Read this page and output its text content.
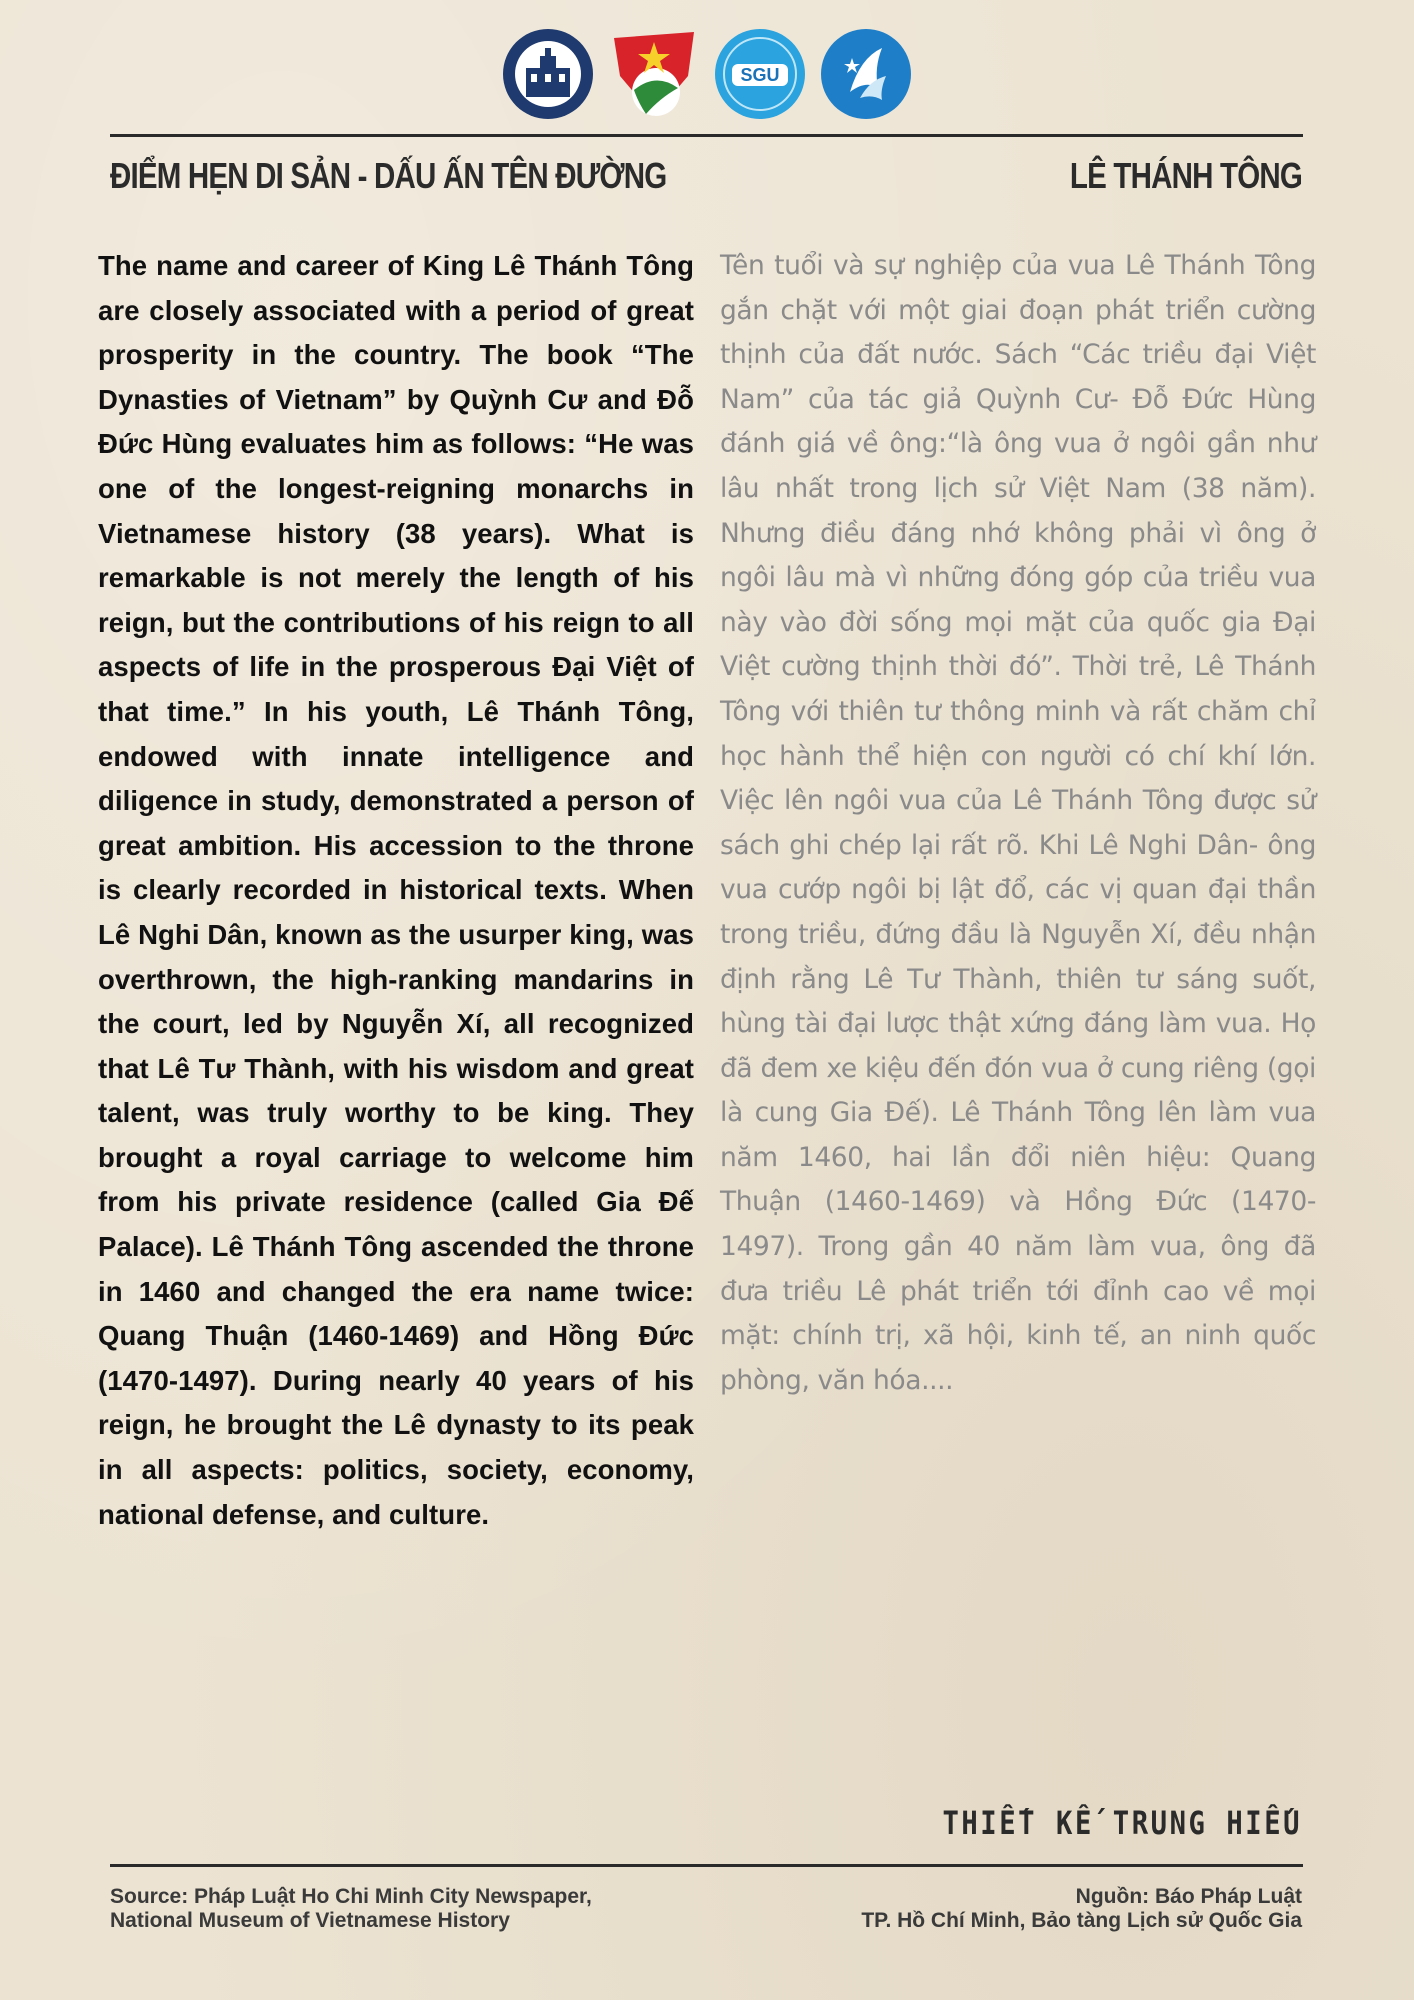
SGU
ĐIỂM HẸN DI SẢN - DẤU ẤN TÊN ĐƯỜNG	LÊ THÁNH TÔNG

The name and career of King Lê Thánh Tông are closely associated with a period of great prosperity in the country. The book “The Dynasties of Vietnam” by Quỳnh Cư and Đỗ Đức Hùng evaluates him as follows: “He was one of the longest-reigning monarchs in Vietnamese history (38 years). What is remarkable is not merely the length of his reign, but the contributions of his reign to all aspects of life in the prosperous Đại Việt of that time.” In his youth, Lê Thánh Tông, endowed with innate intelligence and diligence in study, demonstrated a person of great ambition. His accession to the throne is clearly recorded in historical texts. When Lê Nghi Dân, known as the usurper king, was overthrown, the high-ranking mandarins in the court, led by Nguyễn Xí, all recognized that Lê Tư Thành, with his wisdom and great talent, was truly worthy to be king. They brought a royal carriage to welcome him from his private residence (called Gia Đế Palace). Lê Thánh Tông ascended the throne in 1460 and changed the era name twice: Quang Thuận (1460-1469) and Hồng Đức (1470-1497). During nearly 40 years of his reign, he brought the Lê dynasty to its peak in all aspects: politics, society, economy, national defense, and culture.

Tên tuổi và sự nghiệp của vua Lê Thánh Tông gắn chặt với một giai đoạn phát triển cường thịnh của đất nước. Sách “Các triều đại Việt Nam” của tác giả Quỳnh Cư- Đỗ Đức Hùng đánh giá về ông:“là ông vua ở ngôi gần như lâu nhất trong lịch sử Việt Nam (38 năm). Nhưng điều đáng nhớ không phải vì ông ở ngôi lâu mà vì những đóng góp của triều vua này vào đời sống mọi mặt của quốc gia Đại Việt cường thịnh thời đó”. Thời trẻ, Lê Thánh Tông với thiên tư thông minh và rất chăm chỉ học hành thể hiện con người có chí khí lớn. Việc lên ngôi vua của Lê Thánh Tông được sử sách ghi chép lại rất rõ. Khi Lê Nghi Dân- ông vua cướp ngôi bị lật đổ, các vị quan đại thần trong triều, đứng đầu là Nguyễn Xí, đều nhận định rằng Lê Tư Thành, thiên tư sáng suốt, hùng tài đại lược thật xứng đáng làm vua. Họ đã đem xe kiệu đến đón vua ở cung riêng (gọi là cung Gia Đế). Lê Thánh Tông lên làm vua năm 1460, hai lần đổi niên hiệu: Quang Thuận (1460-1469) và Hồng Đức (1470-1497). Trong gần 40 năm làm vua, ông đã đưa triều Lê phát triển tới đỉnh cao về mọi mặt: chính trị, xã hội, kinh tế, an ninh quốc phòng, văn hóa....

THIẾT KẾ TRUNG HIẾU
Source: Pháp Luật Ho Chi Minh City Newspaper,
National Museum of Vietnamese History
Nguồn: Báo Pháp Luật
TP. Hồ Chí Minh, Bảo tàng Lịch sử Quốc Gia
